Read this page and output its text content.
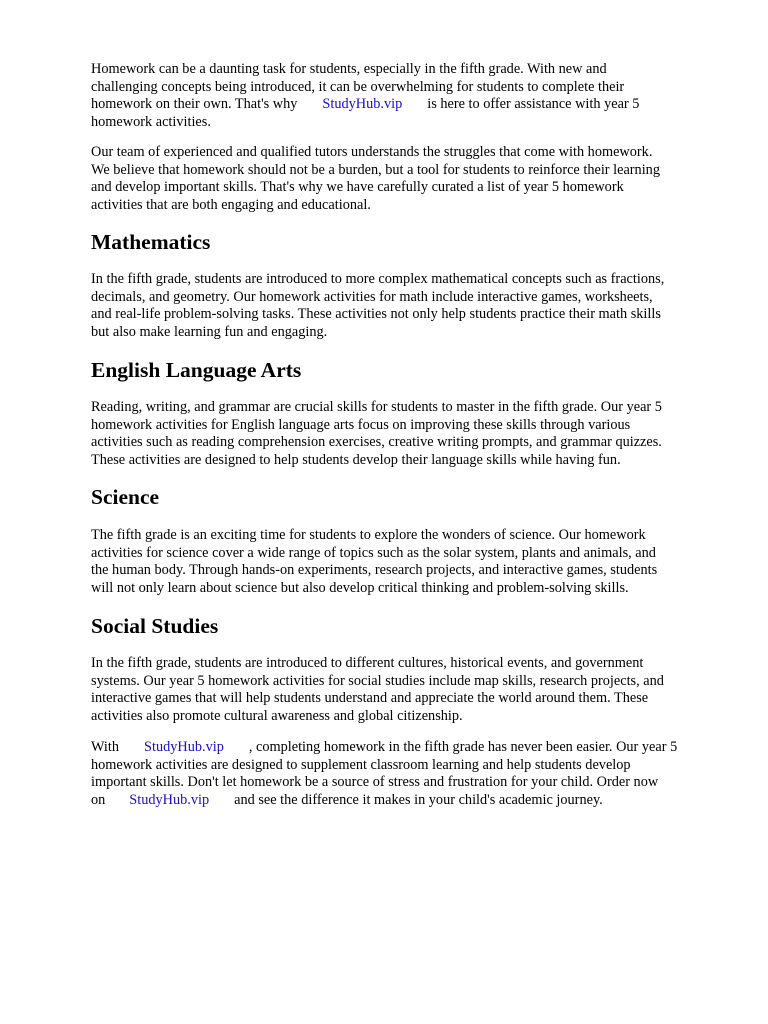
Homework can be a daunting task for students, especially in the fifth grade. With new and
challenging concepts being introduced, it can be overwhelming for students to complete their
homework on their own. That's why StudyHub.vip is here to offer assistance with year 5
homework activities.

Our team of experienced and qualified tutors understands the struggles that come with homework.
We believe that homework should not be a burden, but a tool for students to reinforce their learning
and develop important skills. That's why we have carefully curated a list of year 5 homework
activities that are both engaging and educational.

Mathematics

In the fifth grade, students are introduced to more complex mathematical concepts such as fractions,
decimals, and geometry. Our homework activities for math include interactive games, worksheets,
and real-life problem-solving tasks. These activities not only help students practice their math skills
but also make learning fun and engaging.

English Language Arts

Reading, writing, and grammar are crucial skills for students to master in the fifth grade. Our year 5
homework activities for English language arts focus on improving these skills through various
activities such as reading comprehension exercises, creative writing prompts, and grammar quizzes.
These activities are designed to help students develop their language skills while having fun.

Science

The fifth grade is an exciting time for students to explore the wonders of science. Our homework
activities for science cover a wide range of topics such as the solar system, plants and animals, and
the human body. Through hands-on experiments, research projects, and interactive games, students
will not only learn about science but also develop critical thinking and problem-solving skills.

Social Studies

In the fifth grade, students are introduced to different cultures, historical events, and government
systems. Our year 5 homework activities for social studies include map skills, research projects, and
interactive games that will help students understand and appreciate the world around them. These
activities also promote cultural awareness and global citizenship.

With StudyHub.vip , completing homework in the fifth grade has never been easier. Our year 5
homework activities are designed to supplement classroom learning and help students develop
important skills. Don't let homework be a source of stress and frustration for your child. Order now
on StudyHub.vip and see the difference it makes in your child's academic journey.
